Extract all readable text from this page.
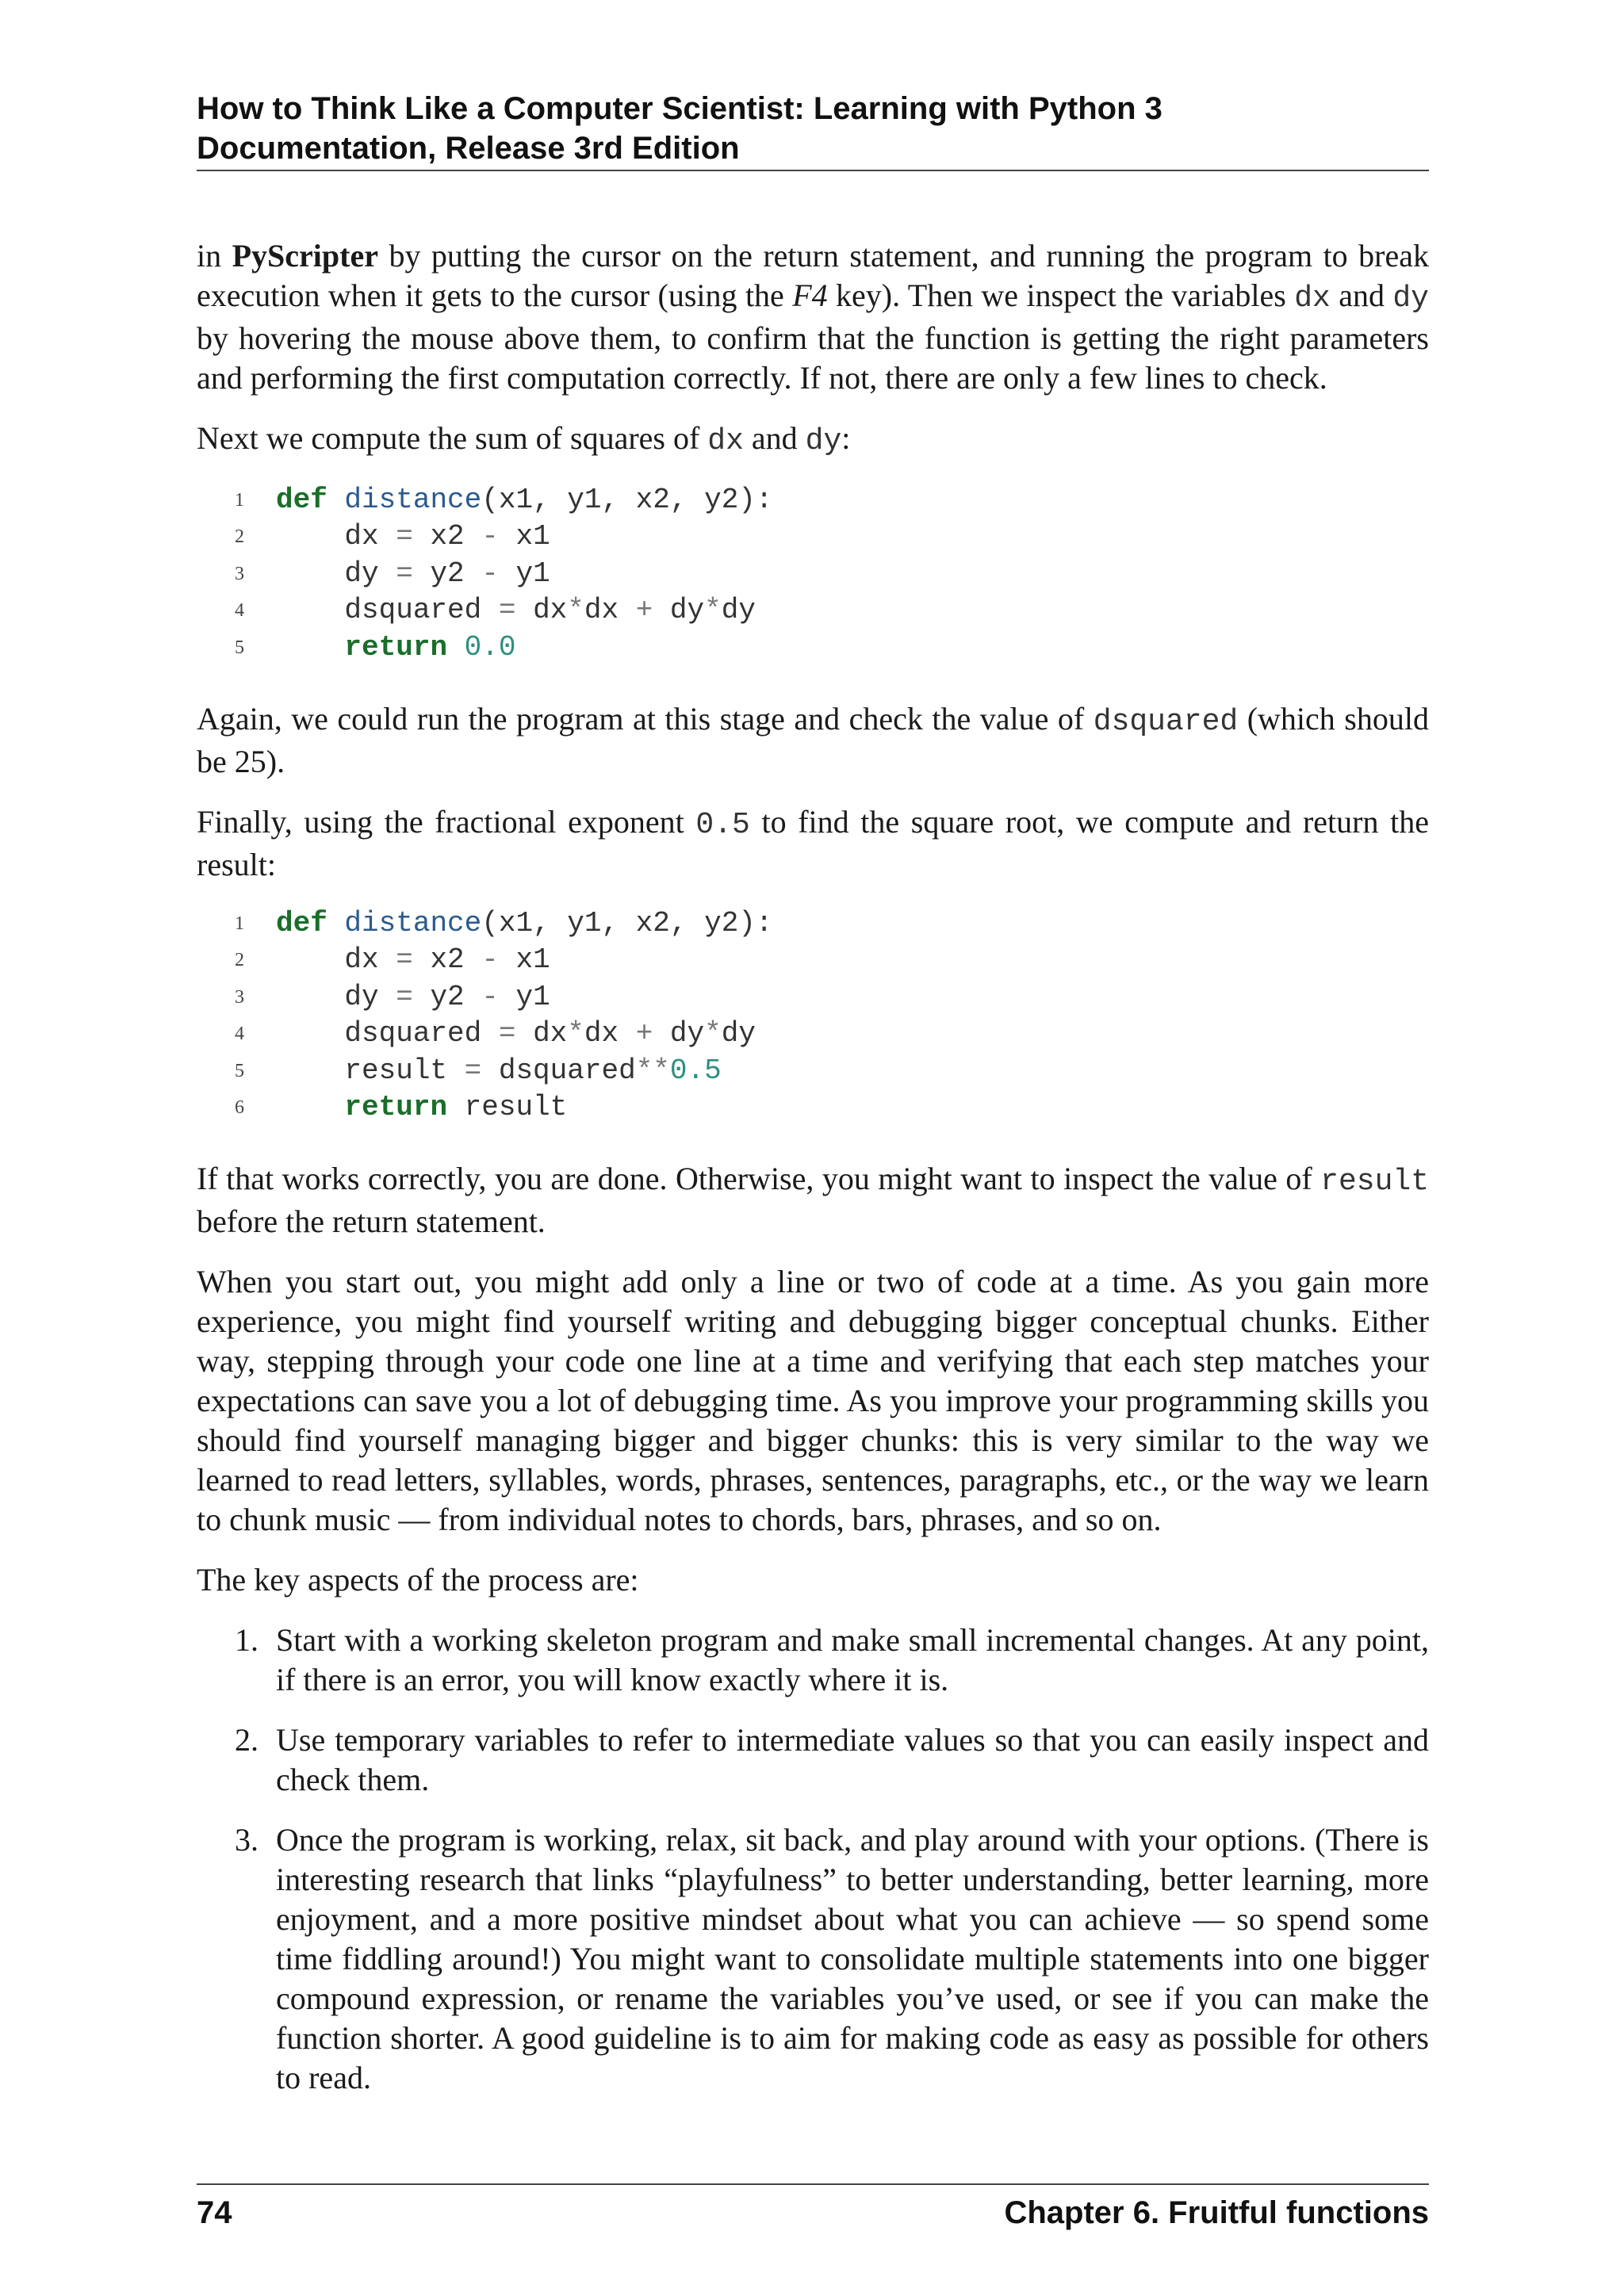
How to Think Like a Computer Scientist: Learning with Python 3
Documentation, Release 3rd Edition

in PyScripter by putting the cursor on the return statement, and running the program to break execution when it gets to the cursor (using the F4 key). Then we inspect the variables dx and dy by hovering the mouse above them, to confirm that the function is getting the right parameters and performing the first computation correctly. If not, there are only a few lines to check.

Next we compute the sum of squares of dx and dy:

1	def
distance (x1, y1, x2, y2):
2	dx = x2 - x1
3	dy = y2 - y1
4	dsquared = dx * dx + dy * dy
5
	return
0.0

Again, we could run the program at this stage and check the value of dsquared (which should be 25).

Finally, using the fractional exponent 0.5 to find the square root, we compute and return the result:

1	def
distance (x1, y1, x2, y2):
2	dx = x2 - x1
3	dy = y2 - y1
4	dsquared = dx * dx + dy * dy
5	result = dsquared ** 0.5
6
	return result

If that works correctly, you are done. Otherwise, you might want to inspect the value of result before the return statement.

When you start out, you might add only a line or two of code at a time. As you gain more experience, you might find yourself writing and debugging bigger conceptual chunks. Either way, stepping through your code one line at a time and verifying that each step matches your expectations can save you a lot of debugging time. As you improve your programming skills you should find yourself managing bigger and bigger chunks: this is very similar to the way we learned to read letters, syllables, words, phrases, sentences, paragraphs, etc., or the way we learn to chunk music — from individual notes to chords, bars, phrases, and so on.

The key aspects of the process are:

1. Start with a working skeleton program and make small incremental changes. At any point, if there is an error, you will know exactly where it is.
2. Use temporary variables to refer to intermediate values so that you can easily inspect and check them.
3. Once the program is working, relax, sit back, and play around with your options. (There is interesting research that links “playfulness” to better understanding, better learning, more enjoyment, and a more positive mindset about what you can achieve — so spend some time fiddling around!) You might want to consolidate multiple statements into one bigger compound expression, or rename the variables you’ve used, or see if you can make the function shorter. A good guideline is to aim for making code as easy as possible for others to read.
74	Chapter 6. Fruitful functions
